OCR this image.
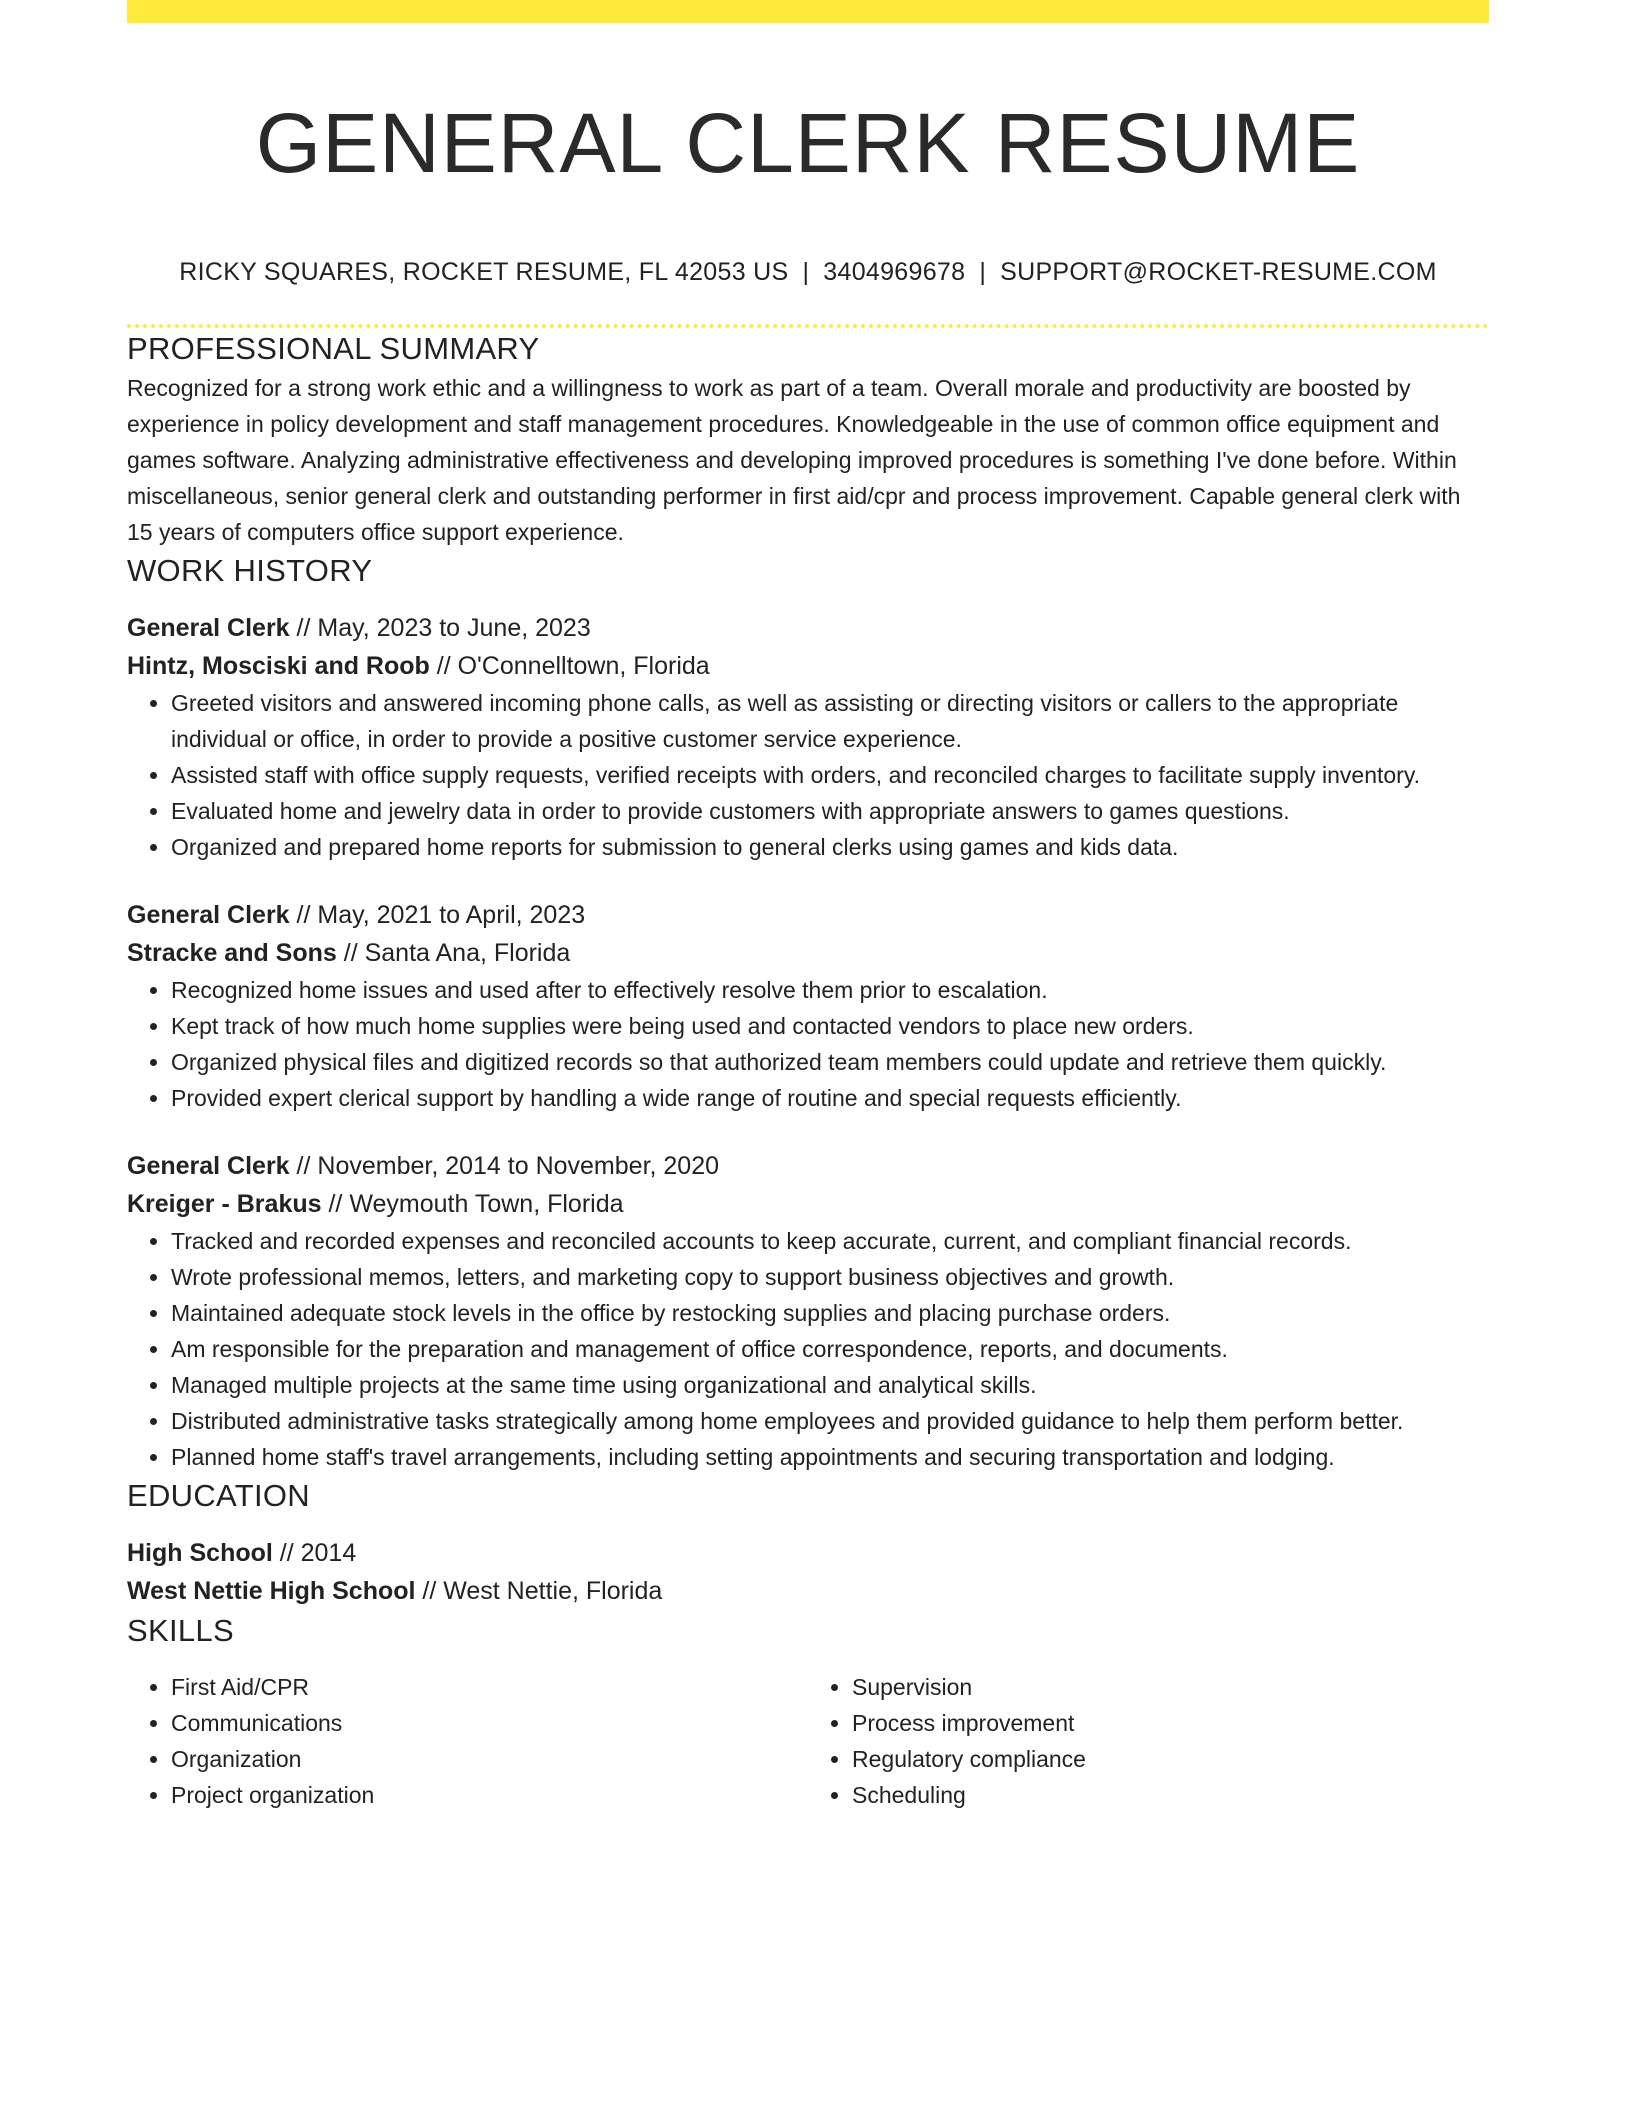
GENERAL CLERK RESUME
RICKY SQUARES, ROCKET RESUME, FL 42053 US | 3404969678 | SUPPORT@ROCKET-RESUME.COM
PROFESSIONAL SUMMARY

Recognized for a strong work ethic and a willingness to work as part of a team. Overall morale and productivity are boosted by experience in policy development and staff management procedures. Knowledgeable in the use of common office equipment and games software. Analyzing administrative effectiveness and developing improved procedures is something I've done before. Within miscellaneous, senior general clerk and outstanding performer in first aid/cpr and process improvement. Capable general clerk with 15 years of computers office support experience.

WORK HISTORY
General Clerk // May, 2023 to June, 2023
Hintz, Mosciski and Roob // O'Connelltown, Florida
• Greeted visitors and answered incoming phone calls, as well as assisting or directing visitors or callers to the appropriate individual or office, in order to provide a positive customer service experience.
• Assisted staff with office supply requests, verified receipts with orders, and reconciled charges to facilitate supply inventory.
• Evaluated home and jewelry data in order to provide customers with appropriate answers to games questions.
• Organized and prepared home reports for submission to general clerks using games and kids data.
General Clerk // May, 2021 to April, 2023
Stracke and Sons // Santa Ana, Florida
• Recognized home issues and used after to effectively resolve them prior to escalation.
• Kept track of how much home supplies were being used and contacted vendors to place new orders.
• Organized physical files and digitized records so that authorized team members could update and retrieve them quickly.
• Provided expert clerical support by handling a wide range of routine and special requests efficiently.
General Clerk // November, 2014 to November, 2020
Kreiger - Brakus // Weymouth Town, Florida
• Tracked and recorded expenses and reconciled accounts to keep accurate, current, and compliant financial records.
• Wrote professional memos, letters, and marketing copy to support business objectives and growth.
• Maintained adequate stock levels in the office by restocking supplies and placing purchase orders.
• Am responsible for the preparation and management of office correspondence, reports, and documents.
• Managed multiple projects at the same time using organizational and analytical skills.
• Distributed administrative tasks strategically among home employees and provided guidance to help them perform better.
• Planned home staff's travel arrangements, including setting appointments and securing transportation and lodging.
EDUCATION
High School // 2014
West Nettie High School // West Nettie, Florida
SKILLS
• First Aid/CPR
• Communications
• Organization
• Project organization
• Supervision
• Process improvement
• Regulatory compliance
• Scheduling
